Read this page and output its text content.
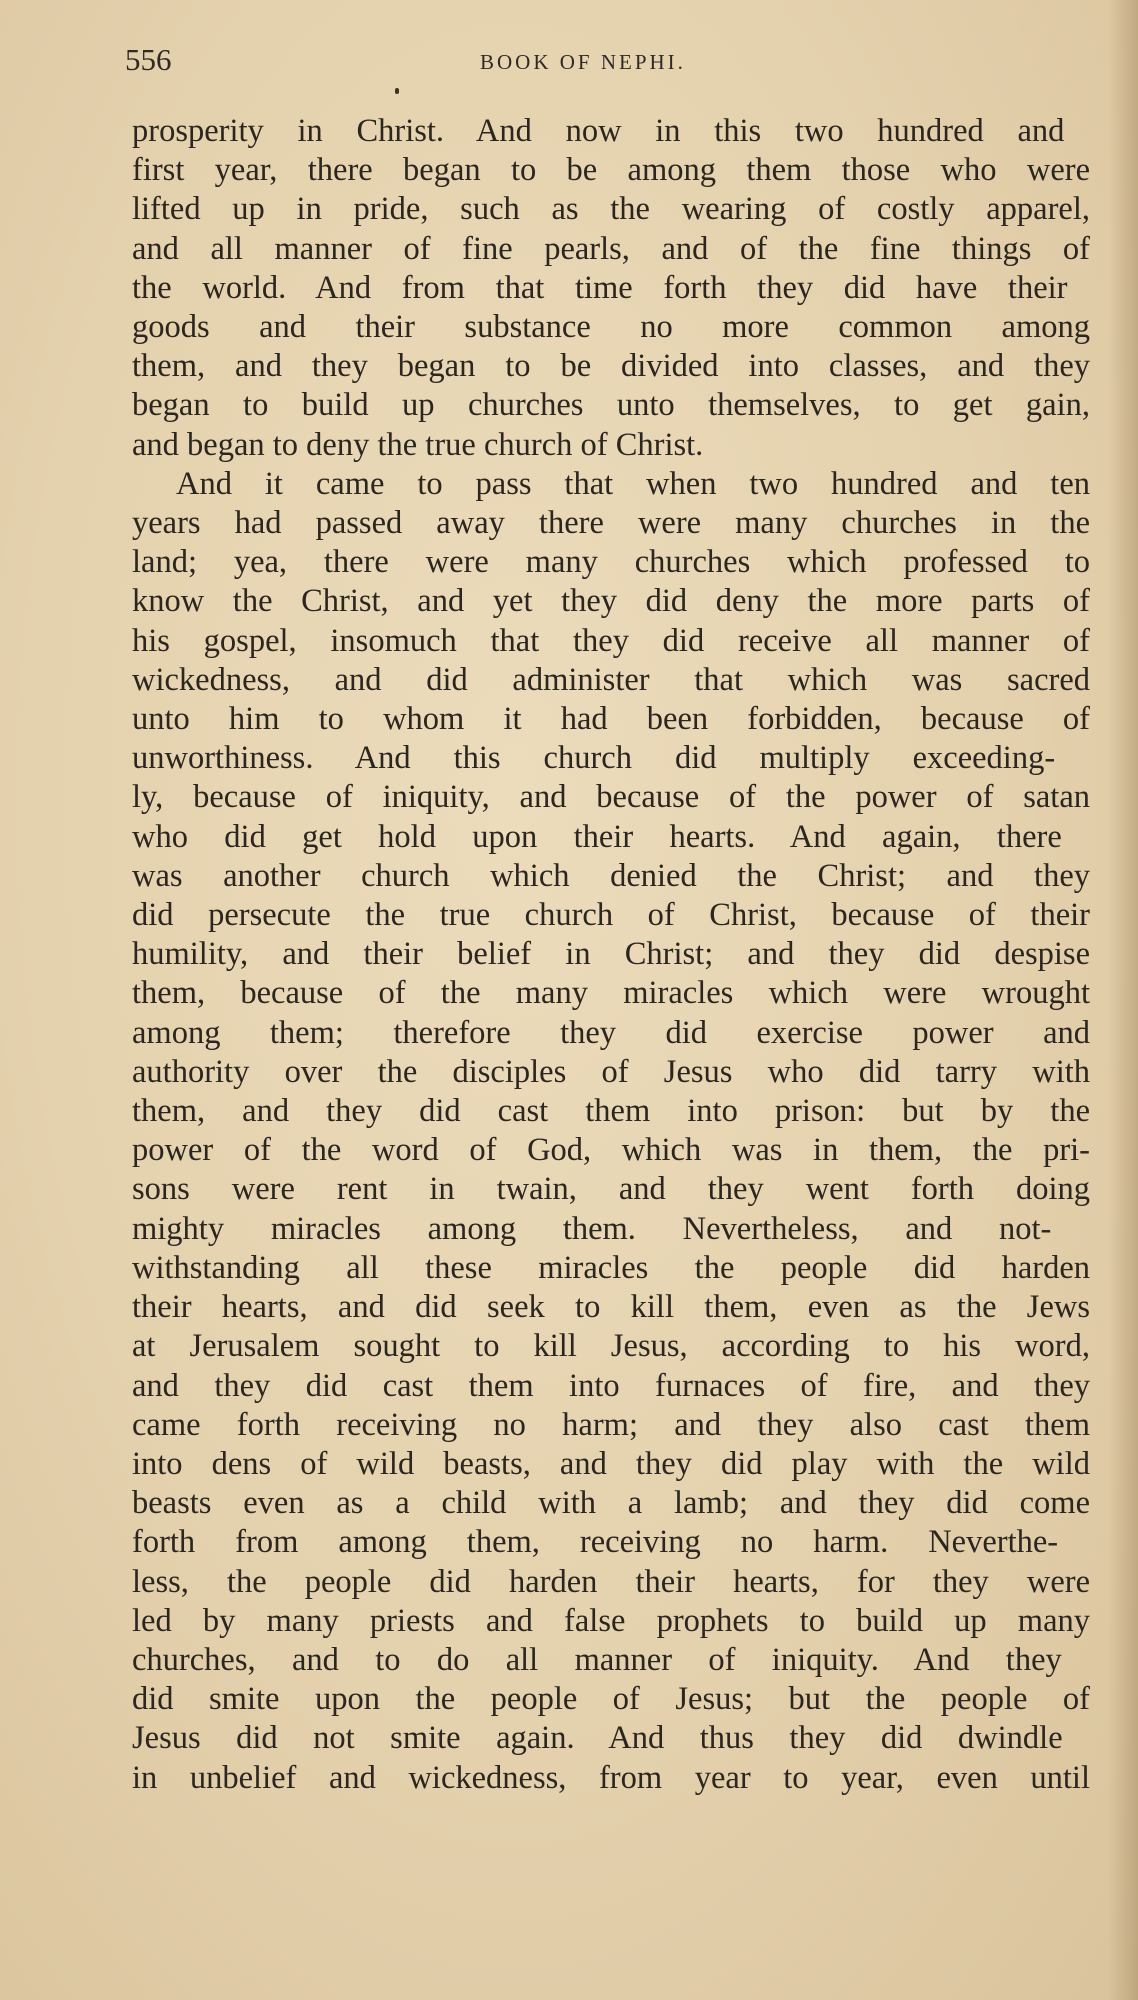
556	BOOK OF NEPHI.
prosperity in Christ. And now in this two hundred and
first year, there began to be among them those who were
lifted up in pride, such as the wearing of costly apparel,
and all manner of fine pearls, and of the fine things of
the world. And from that time forth they did have their
goods and their substance no more common among
them, and they began to be divided into classes, and they
began to build up churches unto themselves, to get gain,
and began to deny the true church of Christ.
And it came to pass that when two hundred and ten
years had passed away there were many churches in the
land; yea, there were many churches which professed to
know the Christ, and yet they did deny the more parts of
his gospel, insomuch that they did receive all manner of
wickedness, and did administer that which was sacred
unto him to whom it had been forbidden, because of
unworthiness. And this church did multiply exceeding-
ly, because of iniquity, and because of the power of satan
who did get hold upon their hearts. And again, there
was another church which denied the Christ; and they
did persecute the true church of Christ, because of their
humility, and their belief in Christ; and they did despise
them, because of the many miracles which were wrought
among them; therefore they did exercise power and
authority over the disciples of Jesus who did tarry with
them, and they did cast them into prison: but by the
power of the word of God, which was in them, the pri-
sons were rent in twain, and they went forth doing
mighty miracles among them. Nevertheless, and not-
withstanding all these miracles the people did harden
their hearts, and did seek to kill them, even as the Jews
at Jerusalem sought to kill Jesus, according to his word,
and they did cast them into furnaces of fire, and they
came forth receiving no harm; and they also cast them
into dens of wild beasts, and they did play with the wild
beasts even as a child with a lamb; and they did come
forth from among them, receiving no harm. Neverthe-
less, the people did harden their hearts, for they were
led by many priests and false prophets to build up many
churches, and to do all manner of iniquity. And they
did smite upon the people of Jesus; but the people of
Jesus did not smite again. And thus they did dwindle
in unbelief and wickedness, from year to year, even until
